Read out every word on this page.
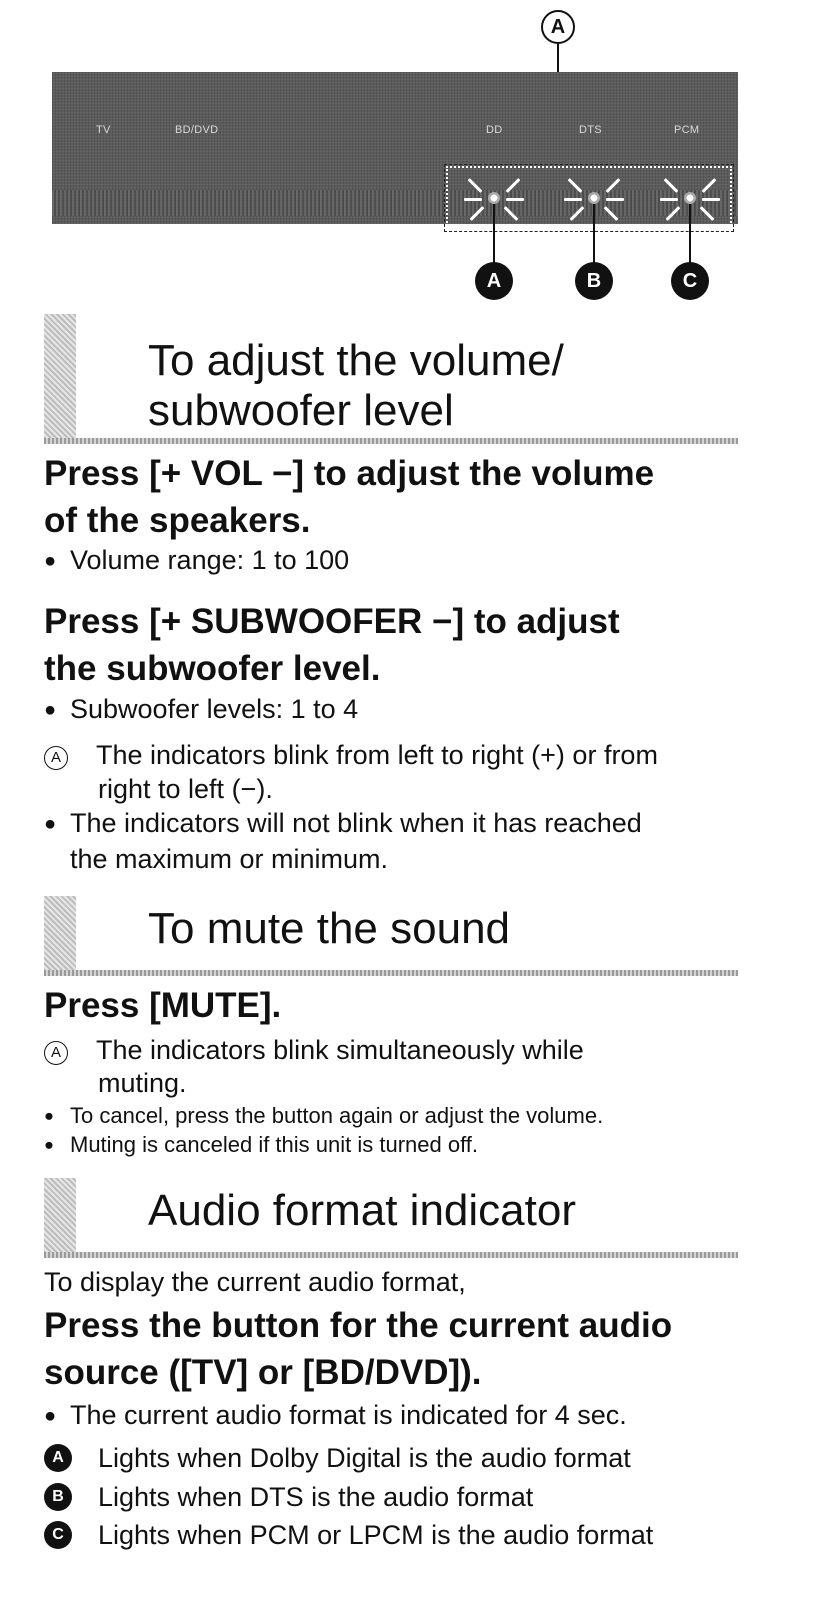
A
TV	BD/DVD	DD	DTS	PCM
A	B	C
To adjust the volume/
subwoofer level
Press [+ VOL −] to adjust the volume
of the speakers.
●Volume range: 1 to 100
Press [+ SUBWOOFER −] to adjust
the subwoofer level.
●Subwoofer levels: 1 to 4
A The indicators blink from left to right (+) or from
right to left (−).
●The indicators will not blink when it has reached
the maximum or minimum.
To mute the sound
Press [MUTE].
A The indicators blink simultaneously while
muting.
●To cancel, press the button again or adjust the volume.
●Muting is canceled if this unit is turned off.
Audio format indicator
To display the current audio format,
Press the button for the current audio
source ([TV] or [BD/DVD]).
●The current audio format is indicated for 4 sec.
A	Lights when Dolby Digital is the audio format
B	Lights when DTS is the audio format
C	Lights when PCM or LPCM is the audio format
